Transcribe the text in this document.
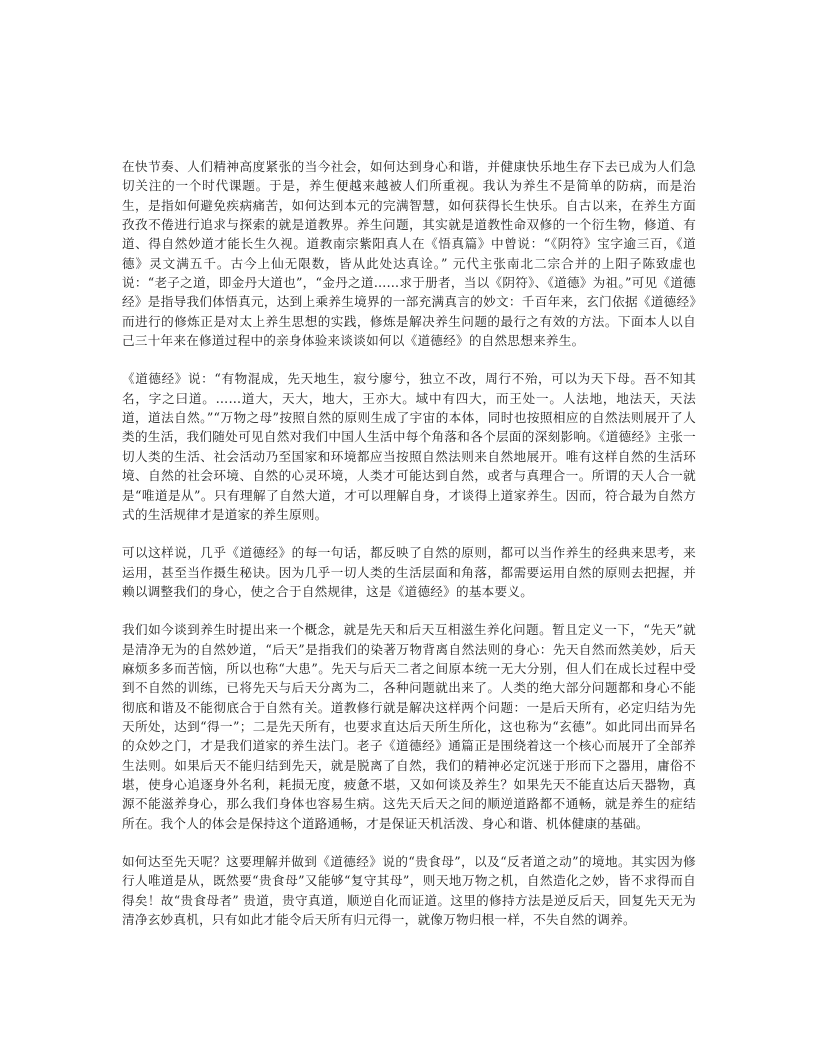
在快节奏、人们精神高度紧张的当今社会，如何达到身心和谐，并健康快乐地生存下去已成为人们急切关注的一个时代课题。于是，养生便越来越被人们所重视。我认为养生不是简单的防病，而是治生，是指如何避免疾病痛苦，如何达到本元的完满智慧，如何获得长生快乐。自古以来，在养生方面孜孜不倦进行追求与探索的就是道教界。养生问题，其实就是道教性命双修的一个衍生物，修道、有道、得自然妙道才能长生久视。道教南宗紫阳真人在《悟真篇》中曾说：“《阴符》宝字逾三百，《道德》灵文满五千。古今上仙无限数，皆从此处达真诠。” 元代主张南北二宗合并的上阳子陈致虚也说：“老子之道，即金丹大道也”，“金丹之道……求于册者，当以《阴符》、《道德》为祖。”可见《道德经》是指导我们体悟真元，达到上乘养生境界的一部充满真言的妙文：千百年来，玄门依据《道德经》而进行的修炼正是对太上养生思想的实践，修炼是解决养生问题的最行之有效的方法。下面本人以自己三十年来在修道过程中的亲身体验来谈谈如何以《道德经》的自然思想来养生。

《道德经》说：“有物混成，先天地生，寂兮廖兮，独立不改，周行不殆，可以为天下母。吾不知其名，字之曰道。……道大，天大，地大，王亦大。域中有四大，而王处一。人法地，地法天，天法道，道法自然。”“万物之母”按照自然的原则生成了宇宙的本体，同时也按照相应的自然法则展开了人类的生活，我们随处可见自然对我们中国人生活中每个角落和各个层面的深刻影响。《道德经》主张一切人类的生活、社会活动乃至国家和环境都应当按照自然法则来自然地展开。唯有这样自然的生活环境、自然的社会环境、自然的心灵环境，人类才可能达到自然，或者与真理合一。所谓的天人合一就是“唯道是从”。只有理解了自然大道，才可以理解自身，才谈得上道家养生。因而，符合最为自然方式的生活规律才是道家的养生原则。

可以这样说，几乎《道德经》的每一句话，都反映了自然的原则，都可以当作养生的经典来思考，来运用，甚至当作摄生秘诀。因为几乎一切人类的生活层面和角落，都需要运用自然的原则去把握，并赖以调整我们的身心，使之合于自然规律，这是《道德经》的基本要义。

我们如今谈到养生时提出来一个概念，就是先天和后天互相滋生养化问题。暂且定义一下，“先天”就是清净无为的自然妙道，“后天”是指我们的染著万物背离自然法则的身心：先天自然而然美妙，后天麻烦多多而苦恼，所以也称“大患”。先天与后天二者之间原本统一无大分别，但人们在成长过程中受到不自然的训练，已将先天与后天分离为二，各种问题就出来了。人类的绝大部分问题都和身心不能彻底和谐及不能彻底合于自然有关。道教修行就是解决这样两个问题：一是后天所有，必定归结为先天所处，达到“得一”；二是先天所有，也要求直达后天所生所化，这也称为“玄德”。如此同出而异名的众妙之门，才是我们道家的养生法门。老子《道德经》通篇正是围绕着这一个核心而展开了全部养生法则。如果后天不能归结到先天，就是脱离了自然，我们的精神必定沉迷于形而下之器用，庸俗不堪，使身心追逐身外名利，耗损无度，疲惫不堪，又如何谈及养生？如果先天不能直达后天器物，真源不能滋养身心，那么我们身体也容易生病。这先天后天之间的顺逆道路都不通畅，就是养生的症结所在。我个人的体会是保持这个道路通畅，才是保证天机活泼、身心和谐、机体健康的基础。

如何达至先天呢？这要理解并做到《道德经》说的“贵食母”，以及“反者道之动”的境地。其实因为修行人唯道是从，既然要“贵食母”又能够“复守其母”，则天地万物之机，自然造化之妙，皆不求得而自得矣！故“贵食母者” 贵道，贵守真道，顺逆自化而证道。这里的修持方法是逆反后天，回复先天无为清净玄妙真机，只有如此才能令后天所有归元得一，就像万物归根一样，不失自然的调养。
